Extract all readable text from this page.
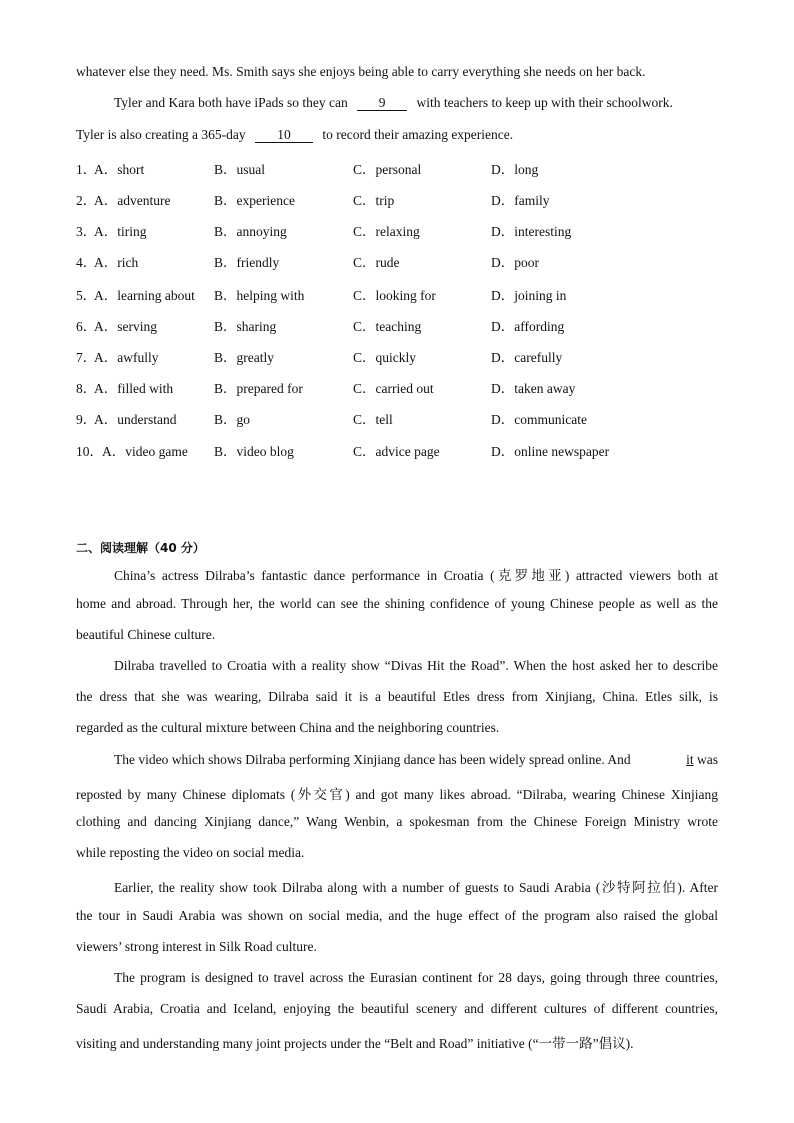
whatever else they need. Ms. Smith says she enjoys being able to carry everything she needs on her back.
Tyler and Kara both have iPads so they can 9 with teachers to keep up with their schoolwork.
Tyler is also creating a 365-day 10 to record their amazing experience.
1．
A．short	B．usual	C．personal	D．long
2．
A．adventure	B．experience	C．trip	D．family
3．
A．tiring	B．annoying	C．relaxing	D．interesting
4．
A．rich	B．friendly	C．rude	D．poor
5．
A．learning about B．helping with	C．looking for	D．joining in
6．
A．serving	B．sharing	C．teaching	D．affording
7．
A．awfully	B．greatly	C．quickly	D．carefully
8．
A．filled with	B．prepared for	C．carried out	D．taken away
9．
A．understand	B．go	C．tell	D．communicate
10． A．video game B．video blog	C．advice page	D．online newspaper
二、阅读理解（40 分）
China’s actress Dilraba’s fantastic dance performance in Croatia (克罗地亚) attracted viewers both at
home and abroad. Through her, the world can see the shining confidence of young Chinese people as well as the
beautiful Chinese culture.
Dilraba travelled to Croatia with a reality show “Divas Hit the Road”. When the host asked her to describe
the dress that she was wearing, Dilraba said it is a beautiful Etles dress from Xinjiang, China. Etles silk, is
regarded as the cultural mixture between China and the neighboring countries.
The video which shows Dilraba performing Xinjiang dance has been widely spread online. And	it was
reposted by many Chinese diplomats (外交官) and got many likes abroad. “Dilraba, wearing Chinese Xinjiang
clothing and dancing Xinjiang dance,” Wang Wenbin, a spokesman from the Chinese Foreign Ministry wrote
while reposting the video on social media.
Earlier, the reality show took Dilraba along with a number of guests to Saudi Arabia (沙特阿拉伯). After
the tour in Saudi Arabia was shown on social media, and the huge effect of the program also raised the global
viewers’ strong interest in Silk Road culture.
The program is designed to travel across the Eurasian continent for 28 days, going through three countries,
Saudi Arabia, Croatia and Iceland, enjoying the beautiful scenery and different cultures of different countries,
visiting and understanding many joint projects under the “Belt and Road” initiative (“一带一路”倡议).
